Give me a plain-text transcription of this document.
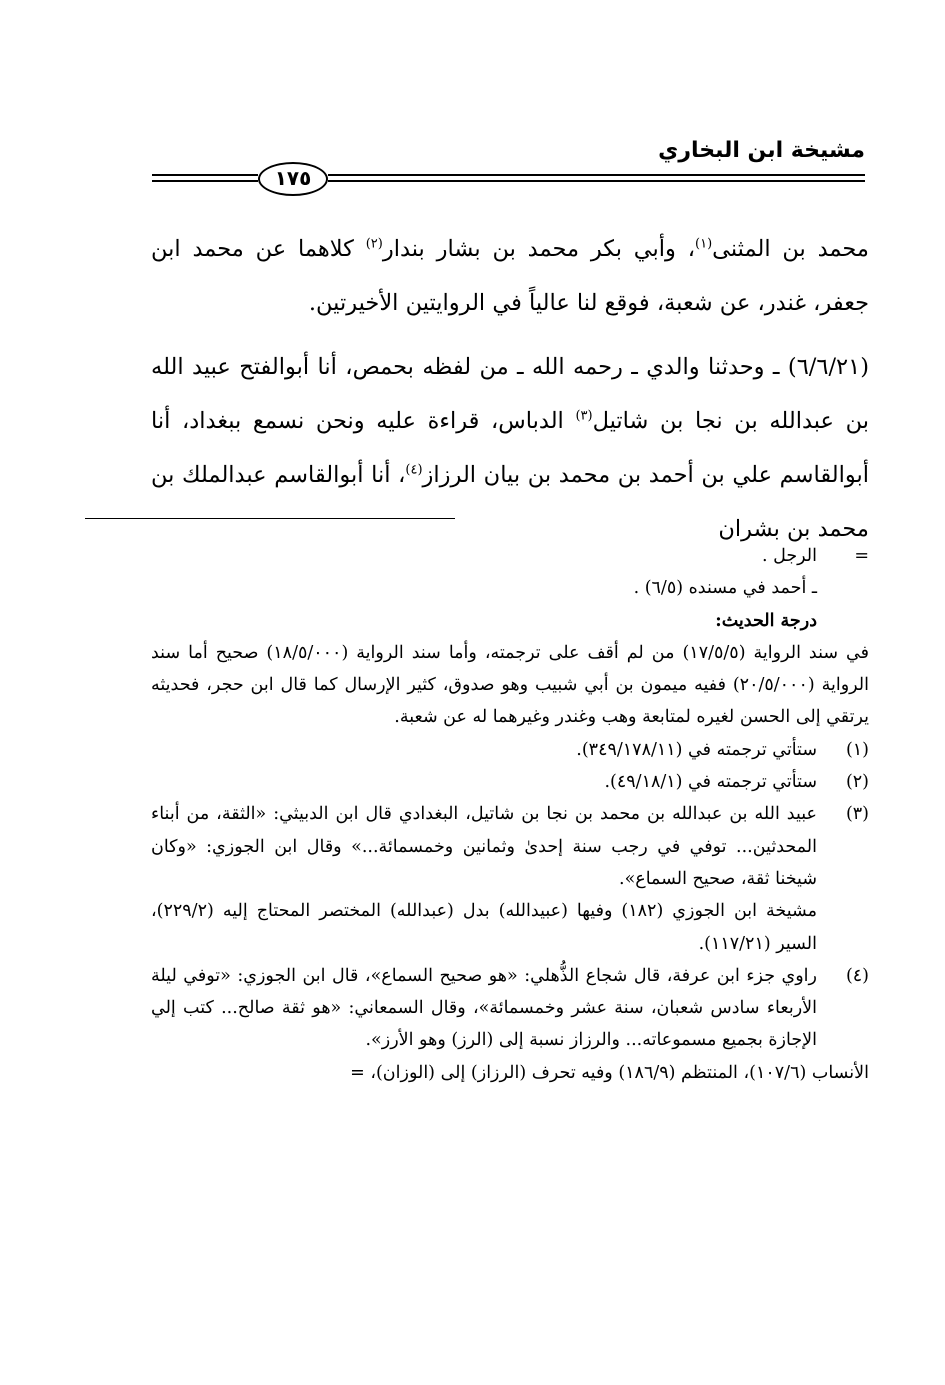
مشيخة ابن البخاري
١٧٥

محمد بن المثنى$^{(١)}$، وأبي بكر محمد بن بشار بندار$^{(٢)}$ كلاهما عن محمد ابن جعفر، غندر، عن شعبة، فوقع لنا عالياً في الروايتين الأخيرتين.

(٦/٦/٢١) ـ وحدثنا والدي ـ رحمه الله ـ من لفظه بحمص، أنا أبوالفتح عبيد الله بن عبدالله بن نجا بن شاتيل$^{(٣)}$ الدباس، قراءة عليه ونحن نسمع ببغداد، أنا أبوالقاسم علي بن أحمد بن محمد بن بيان الرزاز$^{(٤)}$، أنا أبوالقاسم عبدالملك بن محمد بن بشران

=

الرجل .

ـ أحمد في مسنده (٦/٥) .

درجة الحديث:

في سند الرواية (١٧/٥/٥) من لم أقف على ترجمته، وأما سند الرواية (١٨/٥/٠٠٠) صحيح أما سند الرواية (٢٠/٥/٠٠٠) ففيه ميمون بن أبي شبيب وهو صدوق، كثير الإرسال كما قال ابن حجر، فحديثه يرتقي إلى الحسن لغيره لمتابعة وهب وغندر وغيرهما له عن شعبة.

(١)

ستأتي ترجمته في (٣٤٩/١٧٨/١١).

(٢)

ستأتي ترجمته في (٤٩/١٨/١).

(٣)

عبيد الله بن عبدالله بن محمد بن نجا بن شاتيل، البغدادي قال ابن الدبيثي: «الثقة، من أبناء المحدثين... توفي في رجب سنة إحدىٰ وثمانين وخمسمائة...» وقال ابن الجوزي: «وكان شيخنا ثقة، صحيح السماع».

مشيخة ابن الجوزي (١٨٢) وفيها (عبيدالله) بدل (عبدالله) المختصر المحتاج إليه (٢٢٩/٢)، السير (١١٧/٢١).

(٤)

راوي جزء ابن عرفة، قال شجاع الذُّهلي: «هو صحيح السماع»، قال ابن الجوزي: «توفي ليلة الأربعاء سادس شعبان، سنة عشر وخمسمائة»، وقال السمعاني: «هو ثقة صالح... كتب إلي الإجازة بجميع مسموعاته... والرزاز نسبة إلى (الرز) وهو الأرز».

الأنساب (١٠٧/٦)، المنتظم (١٨٦/٩) وفيه تحرف (الرزاز) إلى (الوزان)، =
